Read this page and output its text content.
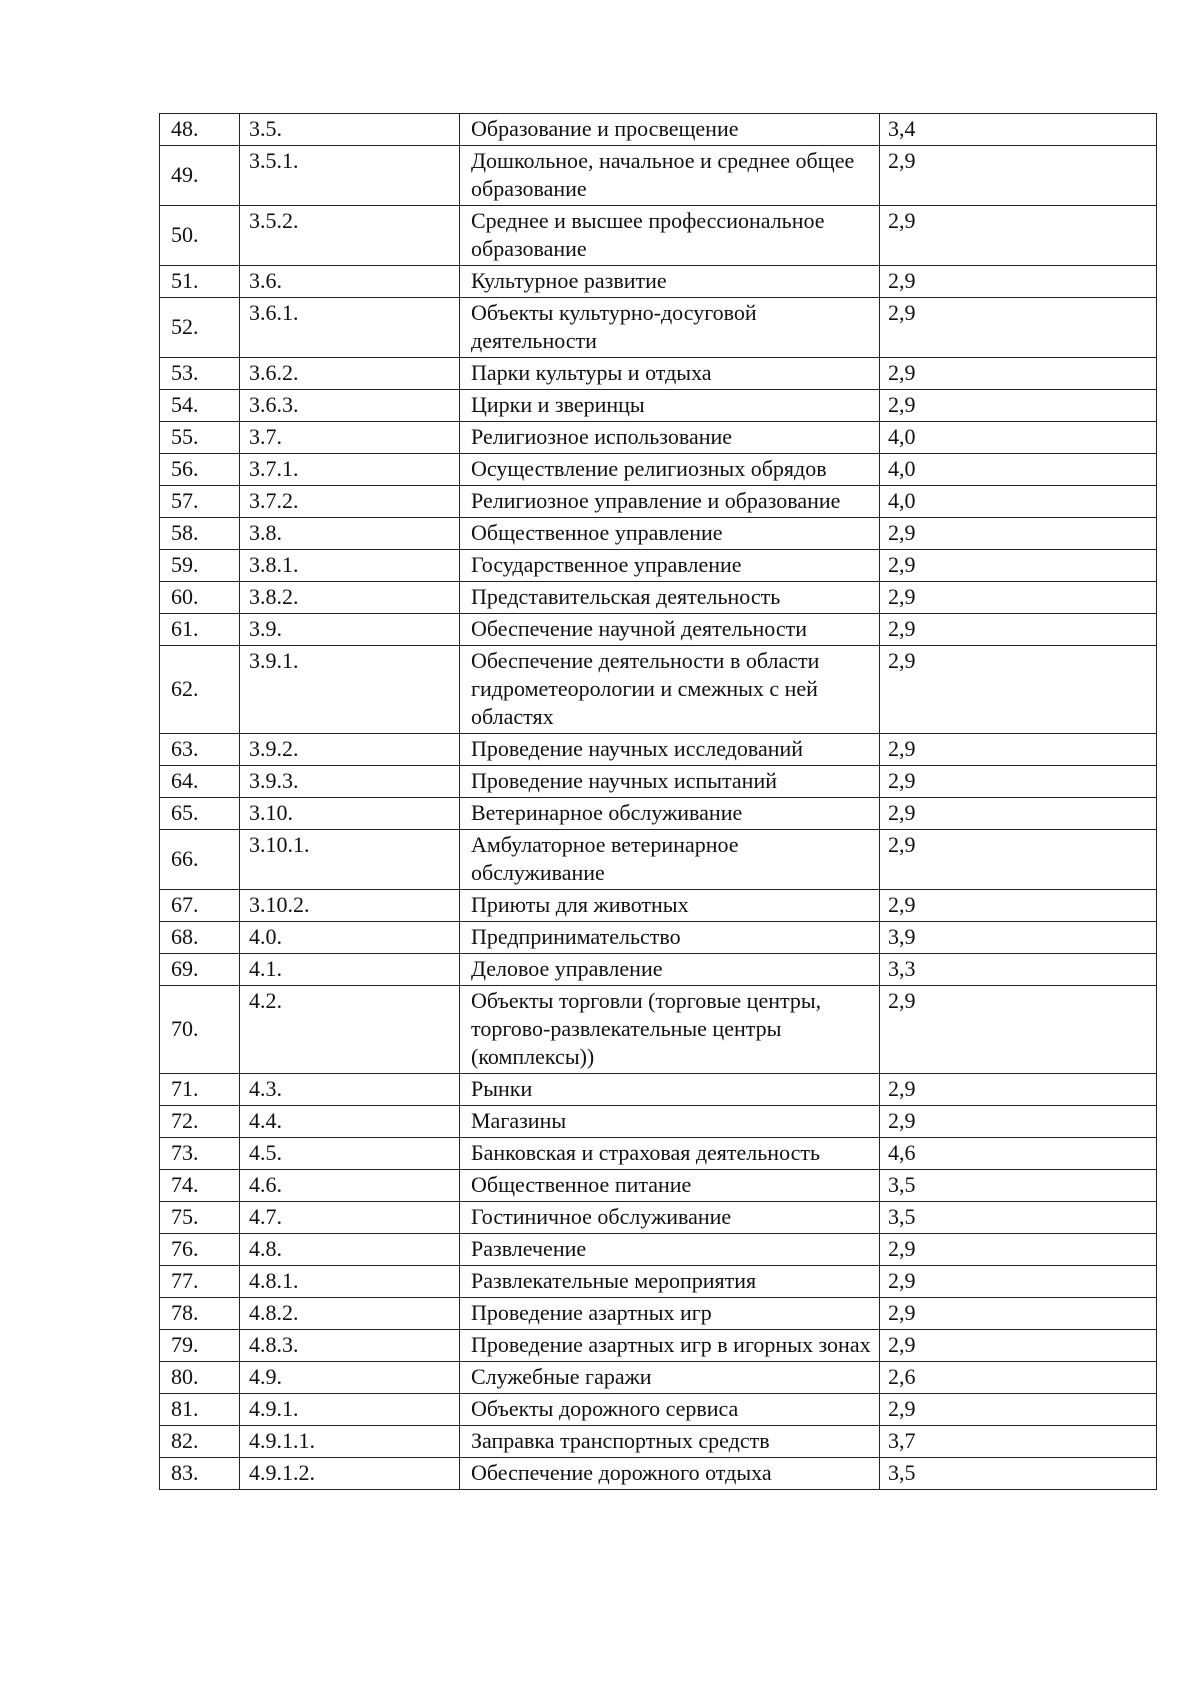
48.	3.5.	Образование и просвещение	3,4
49.	3.5.1.	Дошкольное, начальное и среднее общее образование	2,9
50.	3.5.2.	Среднее и высшее профессиональное образование	2,9
51.	3.6.	Культурное развитие	2,9
52.	3.6.1.	Объекты культурно-досуговой деятельности	2,9
53.	3.6.2.	Парки культуры и отдыха	2,9
54.	3.6.3.	Цирки и зверинцы	2,9
55.	3.7.	Религиозное использование	4,0
56.	3.7.1.	Осуществление религиозных обрядов	4,0
57.	3.7.2.	Религиозное управление и образование	4,0
58.	3.8.	Общественное управление	2,9
59.	3.8.1.	Государственное управление	2,9
60.	3.8.2.	Представительская деятельность	2,9
61.	3.9.	Обеспечение научной деятельности	2,9
62.	3.9.1.	Обеспечение деятельности в области гидрометеорологии и смежных с ней областях	2,9
63.	3.9.2.	Проведение научных исследований	2,9
64.	3.9.3.	Проведение научных испытаний	2,9
65.	3.10.	Ветеринарное обслуживание	2,9
66.	3.10.1.	Амбулаторное ветеринарное обслуживание	2,9
67.	3.10.2.	Приюты для животных	2,9
68.	4.0.	Предпринимательство	3,9
69.	4.1.	Деловое управление	3,3
70.	4.2.	Объекты торговли (торговые центры, торгово-развлекательные центры (комплексы))	2,9
71.	4.3.	Рынки	2,9
72.	4.4.	Магазины	2,9
73.	4.5.	Банковская и страховая деятельность	4,6
74.	4.6.	Общественное питание	3,5
75.	4.7.	Гостиничное обслуживание	3,5
76.	4.8.	Развлечение	2,9
77.	4.8.1.	Развлекательные мероприятия	2,9
78.	4.8.2.	Проведение азартных игр	2,9
79.	4.8.3.	Проведение азартных игр в игорных зонах	2,9
80.	4.9.	Служебные гаражи	2,6
81.	4.9.1.	Объекты дорожного сервиса	2,9
82.	4.9.1.1.	Заправка транспортных средств	3,7
83.	4.9.1.2.	Обеспечение дорожного отдыха	3,5
